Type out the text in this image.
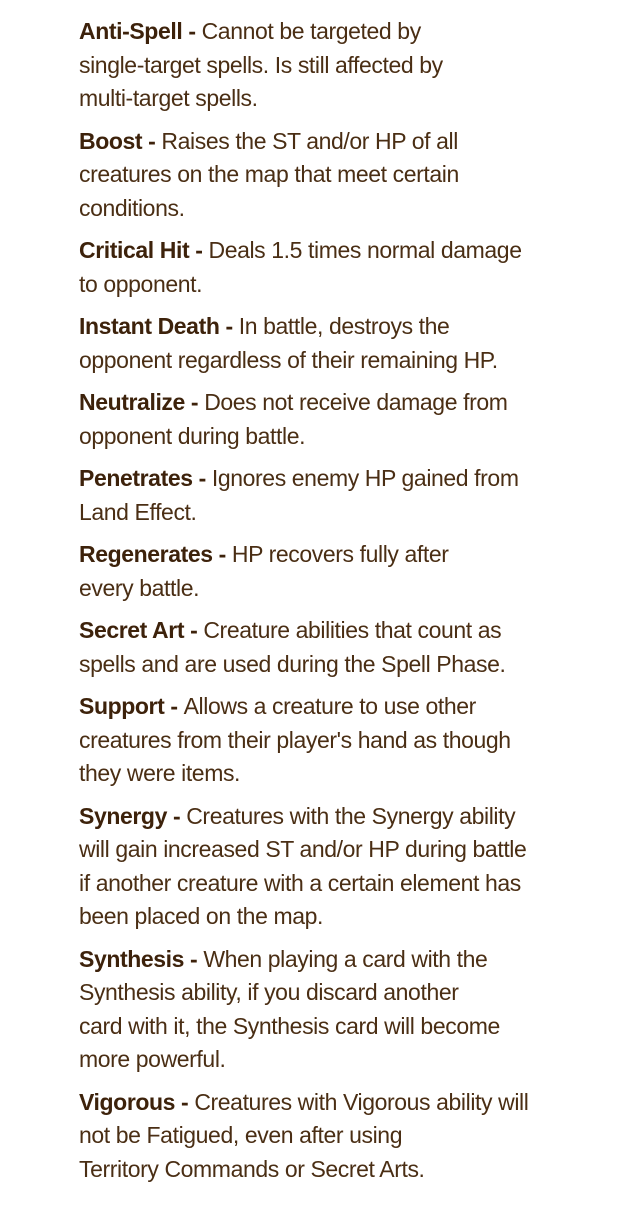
Anti-Spell - Cannot be targeted by
single-target spells. Is still affected by
multi-target spells.

Boost - Raises the ST and/or HP of all
creatures on the map that meet certain
conditions.

Critical Hit - Deals 1.5 times normal damage
to opponent.

Instant Death - In battle, destroys the
opponent regardless of their remaining HP.

Neutralize - Does not receive damage from
opponent during battle.

Penetrates - Ignores enemy HP gained from
Land Effect.

Regenerates - HP recovers fully after
every battle.

Secret Art - Creature abilities that count as
spells and are used during the Spell Phase.

Support - Allows a creature to use other
creatures from their player's hand as though
they were items.

Synergy - Creatures with the Synergy ability
will gain increased ST and/or HP during battle
if another creature with a certain element has
been placed on the map.

Synthesis - When playing a card with the
Synthesis ability, if you discard another
card with it, the Synthesis card will become
more powerful.

Vigorous - Creatures with Vigorous ability will
not be Fatigued, even after using
Territory Commands or Secret Arts.
